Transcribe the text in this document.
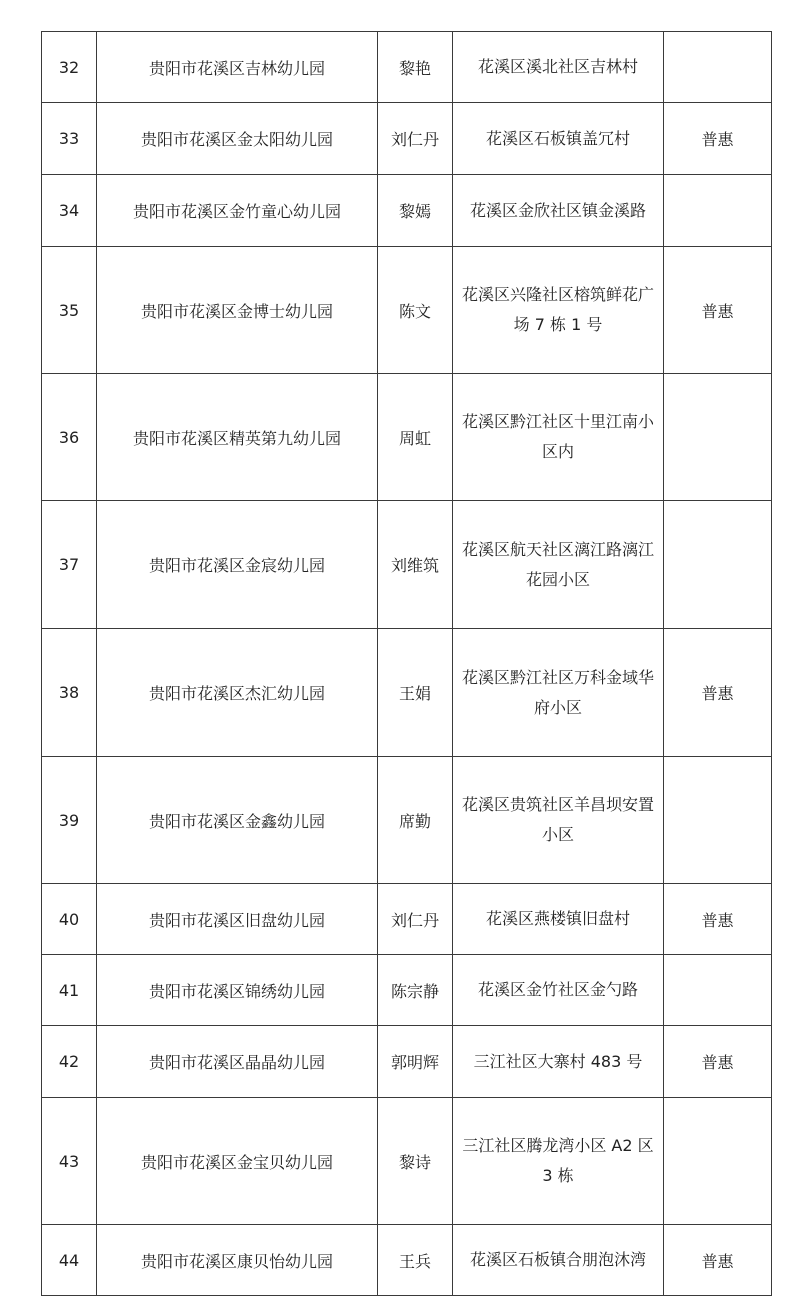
32	贵阳市花溪区吉林幼儿园	黎艳	花溪区溪北社区吉林村	
33	贵阳市花溪区金太阳幼儿园	刘仁丹	花溪区石板镇盖冗村	普惠
34	贵阳市花溪区金竹童心幼儿园	黎嫣	花溪区金欣社区镇金溪路	
35	贵阳市花溪区金博士幼儿园	陈文	花溪区兴隆社区榕筑鲜花广场 7 栋 1 号	普惠
36	贵阳市花溪区精英第九幼儿园	周虹	花溪区黔江社区十里江南小区内	
37	贵阳市花溪区金宸幼儿园	刘维筑	花溪区航天社区漓江路漓江花园小区	
38	贵阳市花溪区杰汇幼儿园	王娟	花溪区黔江社区万科金域华府小区	普惠
39	贵阳市花溪区金鑫幼儿园	席勤	花溪区贵筑社区羊昌坝安置小区	
40	贵阳市花溪区旧盘幼儿园	刘仁丹	花溪区燕楼镇旧盘村	普惠
41	贵阳市花溪区锦绣幼儿园	陈宗静	花溪区金竹社区金勺路	
42	贵阳市花溪区晶晶幼儿园	郭明辉	三江社区大寨村 483 号	普惠
43	贵阳市花溪区金宝贝幼儿园	黎诗	三江社区腾龙湾小区 A2 区 3 栋	
44	贵阳市花溪区康贝怡幼儿园	王兵	花溪区石板镇合朋泡沐湾	普惠
